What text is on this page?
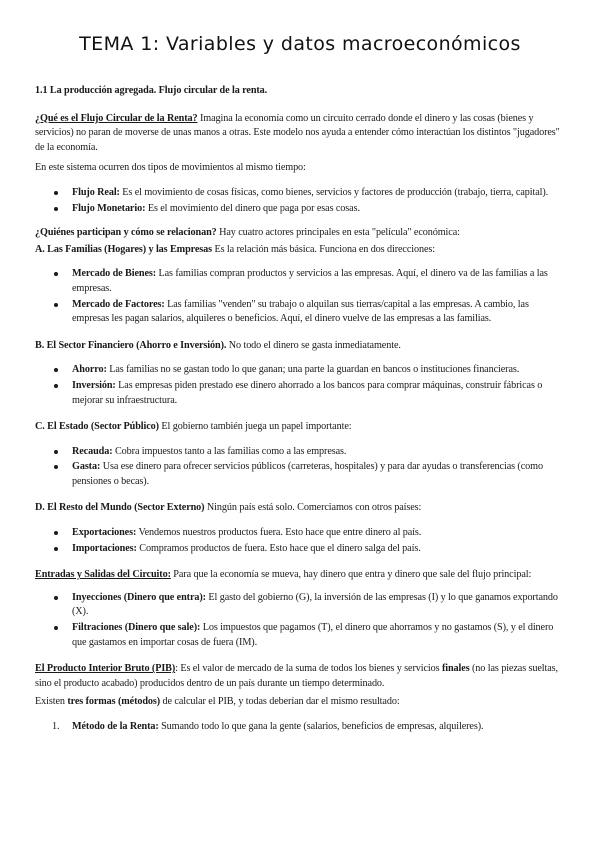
TEMA 1: Variables y datos macroeconómicos

1.1 La producción agregada. Flujo circular de la renta.

¿Qué es el Flujo Circular de la Renta? Imagina la economía como un circuito cerrado donde el dinero y las cosas (bienes y servicios) no paran de moverse de unas manos a otras. Este modelo nos ayuda a entender cómo interactúan los distintos "jugadores" de la economía.

En este sistema ocurren dos tipos de movimientos al mismo tiempo:

Flujo Real: Es el movimiento de cosas físicas, como bienes, servicios y factores de producción (trabajo, tierra, capital).
Flujo Monetario: Es el movimiento del dinero que paga por esas cosas.

¿Quiénes participan y cómo se relacionan? Hay cuatro actores principales en esta "película" económica:

A. Las Familias (Hogares) y las Empresas Es la relación más básica. Funciona en dos direcciones:

Mercado de Bienes: Las familias compran productos y servicios a las empresas. Aquí, el dinero va de las familias a las empresas.
Mercado de Factores: Las familias "venden" su trabajo o alquilan sus tierras/capital a las empresas. A cambio, las empresas les pagan salarios, alquileres o beneficios. Aquí, el dinero vuelve de las empresas a las familias.

B. El Sector Financiero (Ahorro e Inversión). No todo el dinero se gasta inmediatamente.

Ahorro: Las familias no se gastan todo lo que ganan; una parte la guardan en bancos o instituciones financieras.
Inversión: Las empresas piden prestado ese dinero ahorrado a los bancos para comprar máquinas, construir fábricas o mejorar su infraestructura.

C. El Estado (Sector Público) El gobierno también juega un papel importante:

Recauda: Cobra impuestos tanto a las familias como a las empresas.
Gasta: Usa ese dinero para ofrecer servicios públicos (carreteras, hospitales) y para dar ayudas o transferencias (como pensiones o becas).

D. El Resto del Mundo (Sector Externo) Ningún país está solo. Comerciamos con otros países:

Exportaciones: Vendemos nuestros productos fuera. Esto hace que entre dinero al país.
Importaciones: Compramos productos de fuera. Esto hace que el dinero salga del país.

Entradas y Salidas del Circuito: Para que la economía se mueva, hay dinero que entra y dinero que sale del flujo principal:

Inyecciones (Dinero que entra): El gasto del gobierno (G), la inversión de las empresas (I) y lo que ganamos exportando (X).
Filtraciones (Dinero que sale): Los impuestos que pagamos (T), el dinero que ahorramos y no gastamos (S), y el dinero que gastamos en importar cosas de fuera (IM).

El Producto Interior Bruto (PIB): Es el valor de mercado de la suma de todos los bienes y servicios finales (no las piezas sueltas, sino el producto acabado) producidos dentro de un país durante un tiempo determinado.

Existen tres formas (métodos) de calcular el PIB, y todas deberían dar el mismo resultado:

1. Método de la Renta: Sumando todo lo que gana la gente (salarios, beneficios de empresas, alquileres).
